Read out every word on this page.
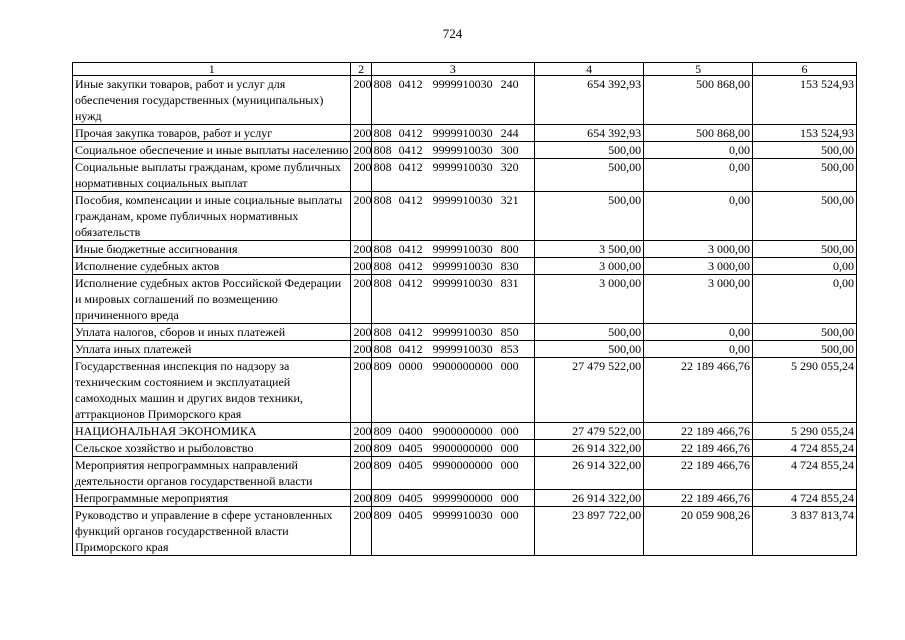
724
1	2	3	4	5	6
Иные закупки товаров, работ и услуг для обеспечения государственных (муниципальных) нужд	200	808 0412 9999910030 240	654 392,93	500 868,00	153 524,93
Прочая закупка товаров, работ и услуг	200	808 0412 9999910030 244	654 392,93	500 868,00	153 524,93
Социальное обеспечение и иные выплаты населению	200	808 0412 9999910030 300	500,00	0,00	500,00
Социальные выплаты гражданам, кроме публичных нормативных социальных выплат	200	808 0412 9999910030 320	500,00	0,00	500,00
Пособия, компенсации и иные социальные выплаты гражданам, кроме публичных нормативных обязательств	200	808 0412 9999910030 321	500,00	0,00	500,00
Иные бюджетные ассигнования	200	808 0412 9999910030 800	3 500,00	3 000,00	500,00
Исполнение судебных актов	200	808 0412 9999910030 830	3 000,00	3 000,00	0,00
Исполнение судебных актов Российской Федерации и мировых соглашений по возмещению причиненного вреда	200	808 0412 9999910030 831	3 000,00	3 000,00	0,00
Уплата налогов, сборов и иных платежей	200	808 0412 9999910030 850	500,00	0,00	500,00
Уплата иных платежей	200	808 0412 9999910030 853	500,00	0,00	500,00
Государственная инспекция по надзору за техническим состоянием и эксплуатацией самоходных машин и других видов техники, аттракционов Приморского края	200	809 0000 9900000000 000	27 479 522,00	22 189 466,76	5 290 055,24
НАЦИОНАЛЬНАЯ ЭКОНОМИКА	200	809 0400 9900000000 000	27 479 522,00	22 189 466,76	5 290 055,24
Сельское хозяйство и рыболовство	200	809 0405 9900000000 000	26 914 322,00	22 189 466,76	4 724 855,24
Мероприятия непрограммных направлений деятельности органов государственной власти	200	809 0405 9990000000 000	26 914 322,00	22 189 466,76	4 724 855,24
Непрограммные мероприятия	200	809 0405 9999900000 000	26 914 322,00	22 189 466,76	4 724 855,24
Руководство и управление в сфере установленных функций органов государственной власти Приморского края	200	809 0405 9999910030 000	23 897 722,00	20 059 908,26	3 837 813,74
